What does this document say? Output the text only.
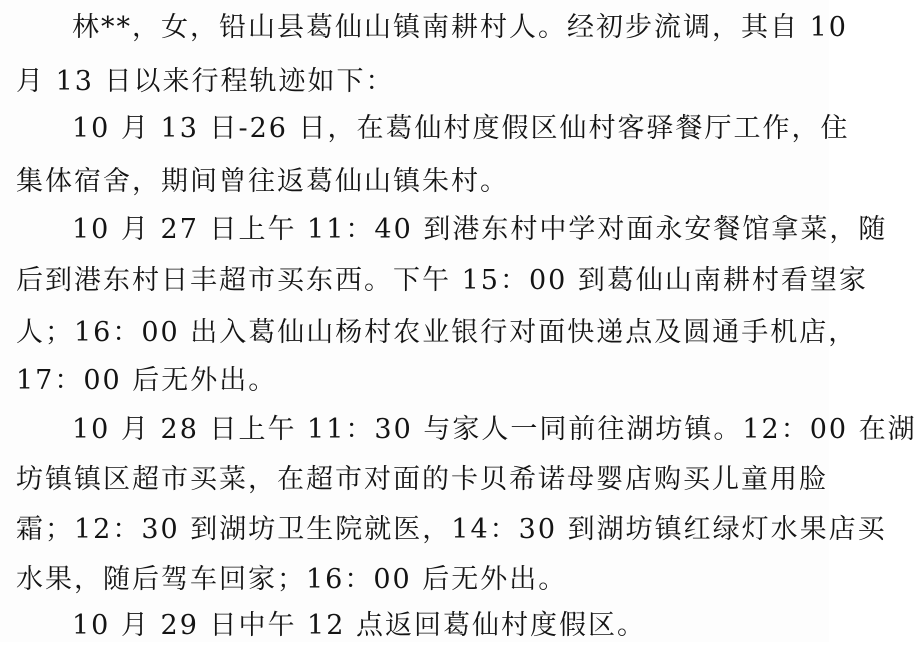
林**，女，铅山县葛仙山镇南耕村人。经初步流调，其自 10
月 13 日以来行程轨迹如下：
10 月 13 日-26 日，在葛仙村度假区仙村客驿餐厅工作，住
集体宿舍，期间曾往返葛仙山镇朱村。
10 月 27 日上午 11：40 到港东村中学对面永安餐馆拿菜，随
后到港东村日丰超市买东西。下午 15：00 到葛仙山南耕村看望家
人；16：00 出入葛仙山杨村农业银行对面快递点及圆通手机店，
17：00 后无外出。
10 月 28 日上午 11：30 与家人一同前往湖坊镇。12：00 在湖
坊镇镇区超市买菜，在超市对面的卡贝希诺母婴店购买儿童用脸
霜；12：30 到湖坊卫生院就医，14：30 到湖坊镇红绿灯水果店买
水果，随后驾车回家；16：00 后无外出。
10 月 29 日中午 12 点返回葛仙村度假区。
